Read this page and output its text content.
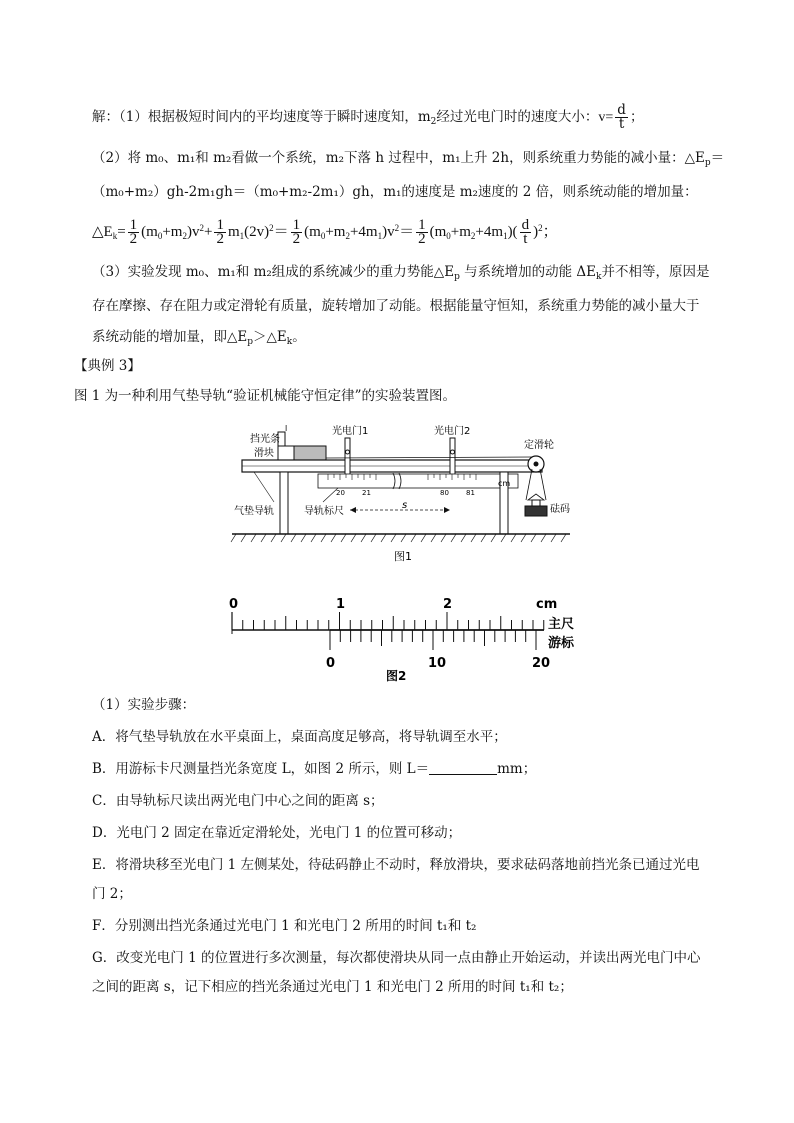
解：（1）根据极短时间内的平均速度等于瞬时速度知，$m_2$经过光电门时的速度大小：$v= \frac{d}{t}$ ；
（2）将 m₀、m₁和 m₂看做一个系统，m₂下落 h 过程中，m₁上升 2h，则系统重力势能的减小量：$\triangle E_p=$
（m₀+m₂）gh-2m₁gh＝（m₀+m₂-2m₁）gh，m₁的速度是 m₂速度的 2 倍，则系统动能的增加量：
$\triangle E_k= \frac{1}{2} (m_0+m_2)v^2+ \frac{1}{2} m_1(2v)^2= \frac{1}{2} (m_0+m_2+4m_1)v^2= \frac{1}{2} (m_0+m_2+4m_1)( \frac{d}{t} )^2$；
（3）实验发现 m₀、m₁和 m₂组成的系统减少的重力势能$\triangle E_p$ 与系统增加的动能 $\Delta E_k$并不相等，原因是
存在摩擦、存在阻力或定滑轮有质量，旋转增加了动能。根据能量守恒知，系统重力势能的减小量大于
系统动能的增加量，即$\triangle E_p>\triangle E_k$。
【典例 3】
图 1 为一种利用气垫导轨“验证机械能守恒定律”的实验装置图。
挡光条
l	光电门1	光电门2
定滑轮
滑块
气垫导轨	导轨标尺
s	砝码
cm
20 21	80 81
图1
0	1	2	cm
主尺
游标
0	10	20
图2
（1）实验步骤：
A．将气垫导轨放在水平桌面上，桌面高度足够高，将导轨调至水平；
B．用游标卡尺测量挡光条宽度 L，如图 2 所示，则 L＝	mm；
C．由导轨标尺读出两光电门中心之间的距离 s；
D．光电门 2 固定在靠近定滑轮处，光电门 1 的位置可移动；
E．将滑块移至光电门 1 左侧某处，待砝码静止不动时，释放滑块，要求砝码落地前挡光条已通过光电
门 2；
F．分别测出挡光条通过光电门 1 和光电门 2 所用的时间 t₁和 t₂
G．改变光电门 1 的位置进行多次测量，每次都使滑块从同一点由静止开始运动，并读出两光电门中心
之间的距离 s，记下相应的挡光条通过光电门 1 和光电门 2 所用的时间 t₁和 t₂；
